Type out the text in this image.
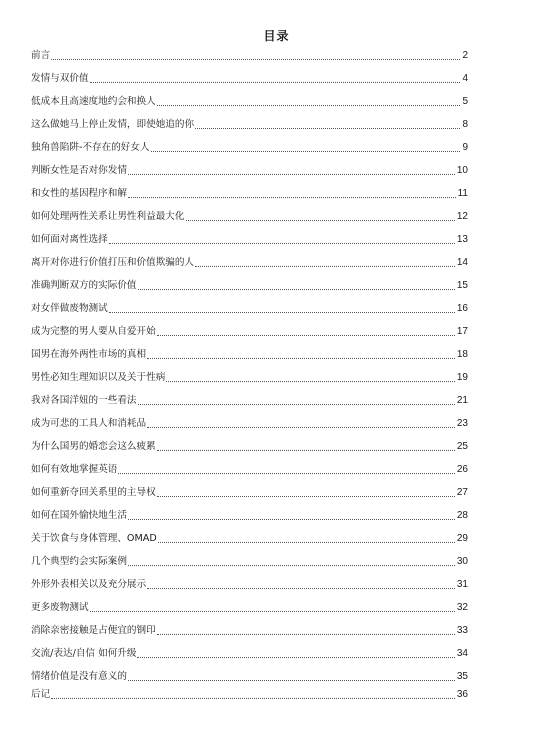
目录
前言	2
发情与双价值	4
低成本且高速度地约会和换人	5
这么做她马上停止发情，即使她追的你	8
独角兽陷阱-不存在的好女人	9
判断女性是否对你发情	10
和女性的基因程序和解	11
如何处理两性关系让男性利益最大化	12
如何面对离性选择	13
离开对你进行价值打压和价值欺骗的人	14
准确判断双方的实际价值	15
对女伴做废物测试	16
成为完整的男人要从自爱开始	17
国男在海外两性市场的真相	18
男性必知生理知识以及关于性病	19
我对各国洋妞的一些看法	21
成为可悲的工具人和消耗品	23
为什么国男的婚恋会这么疲累	25
如何有效地掌握英语	26
如何重新夺回关系里的主导权	27
如何在国外愉快地生活	28
关于饮食与身体管理、OMAD	29
几个典型约会实际案例	30
外形外表相关以及充分展示	31
更多废物测试	32
消除亲密接触是占便宜的钢印	33
交流/表达/自信 如何升级	34
情绪价值是没有意义的	35
后记	36
